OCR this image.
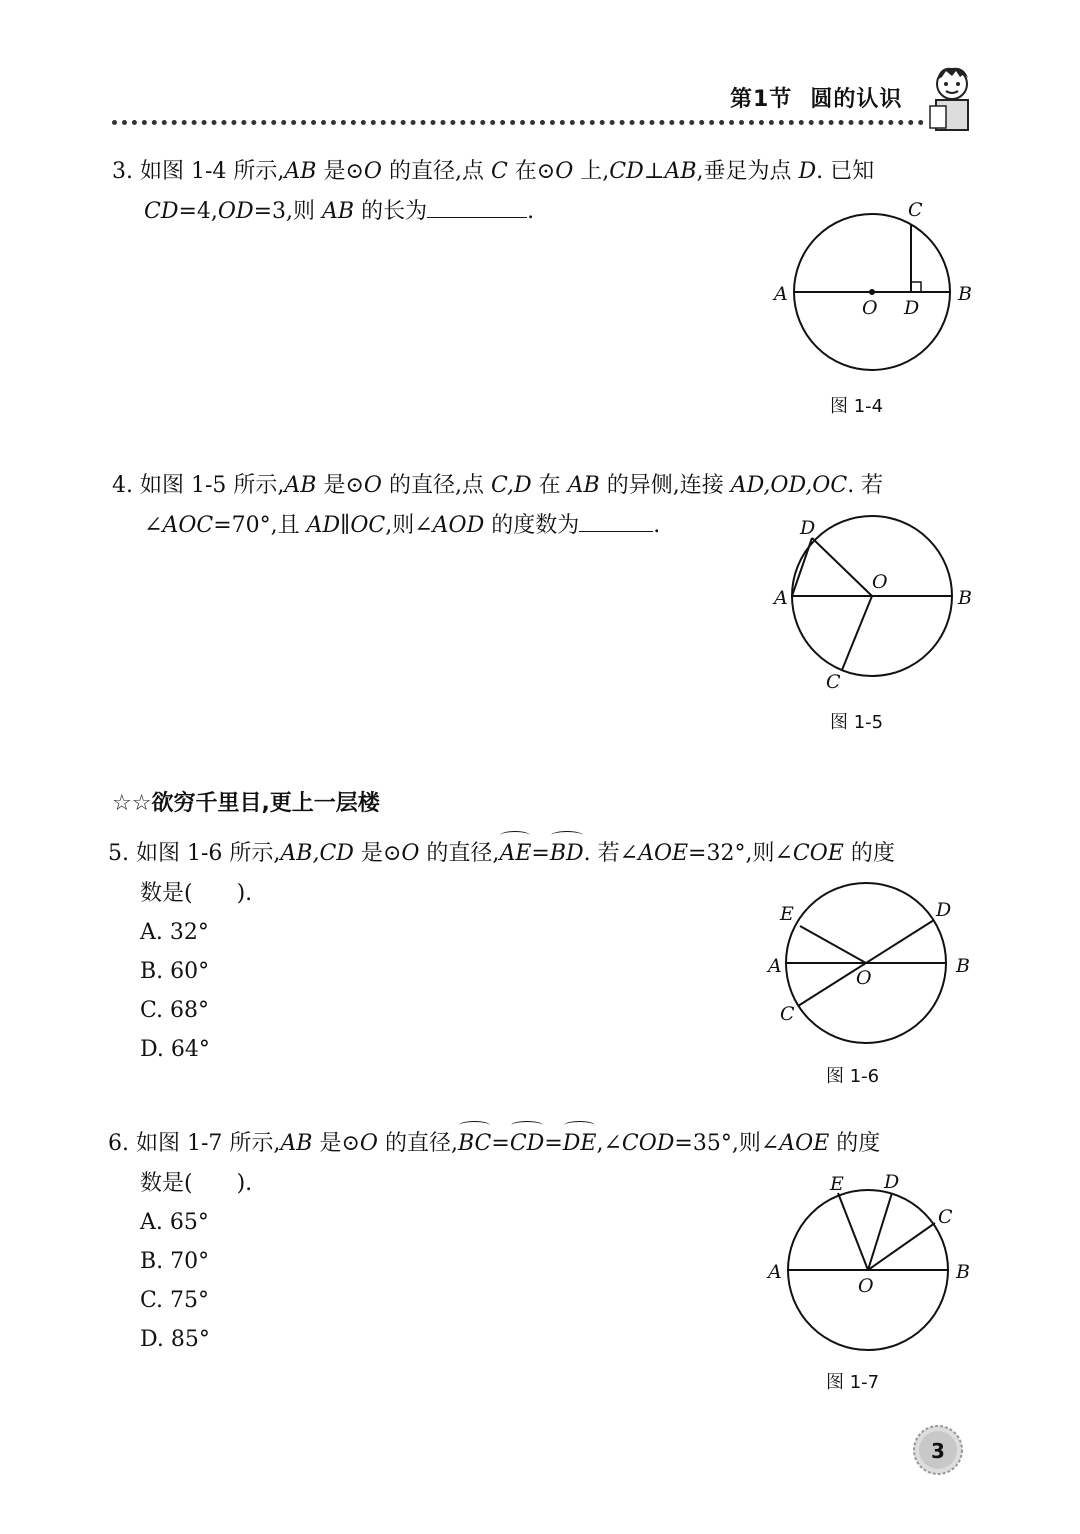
第1节 圆的认识
3. 如图 1-4 所示,AB 是⊙O 的直径,点 C 在⊙O 上,CD⊥AB,垂足为点 D. 已知
CD=4,OD=3,则 AB 的长为	.
A	B
C
O D
图 1-4
4. 如图 1-5 所示,AB 是⊙O 的直径,点 C,D 在 AB 的异侧,连接 AD,OD,OC. 若
∠AOC=70°,且 AD∥OC,则∠AOD 的度数为	.
A	B
C
O
D
图 1-5
☆☆欲穷千里目,更上一层楼
5. 如图 1-6 所示,AB,CD 是⊙O 的直径,AE=BD. 若∠AOE=32°,则∠COE 的度
数是(　　).
A. 32°
B. 60°
C. 68°
D. 64°
A	B
C
O
D
E
图 1-6
6. 如图 1-7 所示,AB 是⊙O 的直径,BC=CD=DE,∠COD=35°,则∠AOE 的度
数是(　　).
A. 65°
B. 70°
C. 75°
D. 85°
A	B
C
O
D
E
图 1-7
3
